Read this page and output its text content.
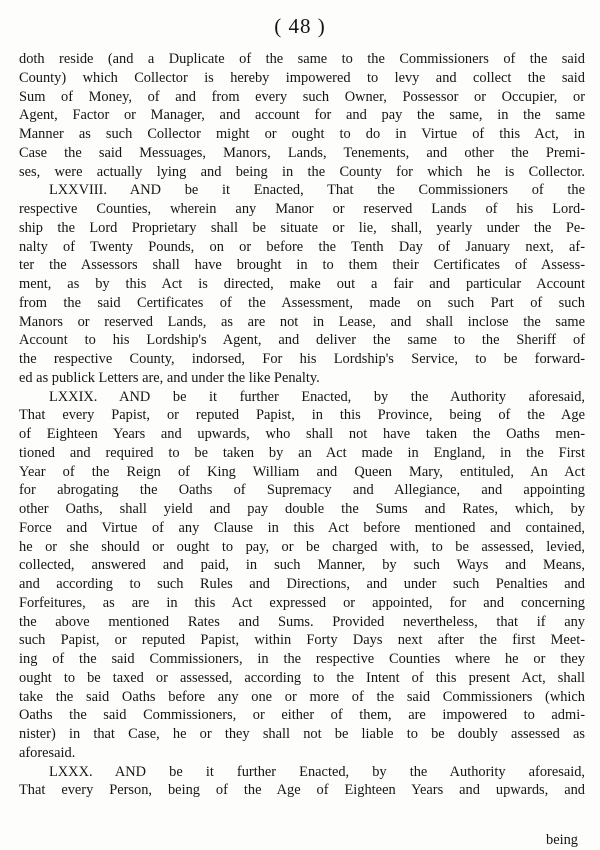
( 48 )
doth reside (and a Duplicate of the same to the Commissioners of the said
County) which Collector is hereby impowered to levy and collect the said
Sum of Money, of and from every such Owner, Possessor or Occupier, or
Agent, Factor or Manager, and account for and pay the same, in the same
Manner as such Collector might or ought to do in Virtue of this Act, in
Case the said Messuages, Manors, Lands, Tenements, and other the Premi-
ses, were actually lying and being in the County for which he is Collector.
LXXVIII. AND be it Enacted, That the Commissioners of the
respective Counties, wherein any Manor or reserved Lands of his Lord-
ship the Lord Proprietary shall be situate or lie, shall, yearly under the Pe-
nalty of Twenty Pounds, on or before the Tenth Day of January next, af-
ter the Assessors shall have brought in to them their Certificates of Assess-
ment, as by this Act is directed, make out a fair and particular Account
from the said Certificates of the Assessment, made on such Part of such
Manors or reserved Lands, as are not in Lease, and shall inclose the same
Account to his Lordship's Agent, and deliver the same to the Sheriff of
the respective County, indorsed, For his Lordship's Service, to be forward-
ed as publick Letters are, and under the like Penalty.
LXXIX. AND be it further Enacted, by the Authority aforesaid,
That every Papist, or reputed Papist, in this Province, being of the Age
of Eighteen Years and upwards, who shall not have taken the Oaths men-
tioned and required to be taken by an Act made in England, in the First
Year of the Reign of King William and Queen Mary, entituled, An Act
for abrogating the Oaths of Supremacy and Allegiance, and appointing
other Oaths, shall yield and pay double the Sums and Rates, which, by
Force and Virtue of any Clause in this Act before mentioned and contained,
he or she should or ought to pay, or be charged with, to be assessed, levied,
collected, answered and paid, in such Manner, by such Ways and Means,
and according to such Rules and Directions, and under such Penalties and
Forfeitures, as are in this Act expressed or appointed, for and concerning
the above mentioned Rates and Sums. Provided nevertheless, that if any
such Papist, or reputed Papist, within Forty Days next after the first Meet-
ing of the said Commissioners, in the respective Counties where he or they
ought to be taxed or assessed, according to the Intent of this present Act, shall
take the said Oaths before any one or more of the said Commissioners (which
Oaths the said Commissioners, or either of them, are impowered to admi-
nister) in that Case, he or they shall not be liable to be doubly assessed as
aforesaid.
LXXX. AND be it further Enacted, by the Authority aforesaid,
That every Person, being of the Age of Eighteen Years and upwards, and
being
